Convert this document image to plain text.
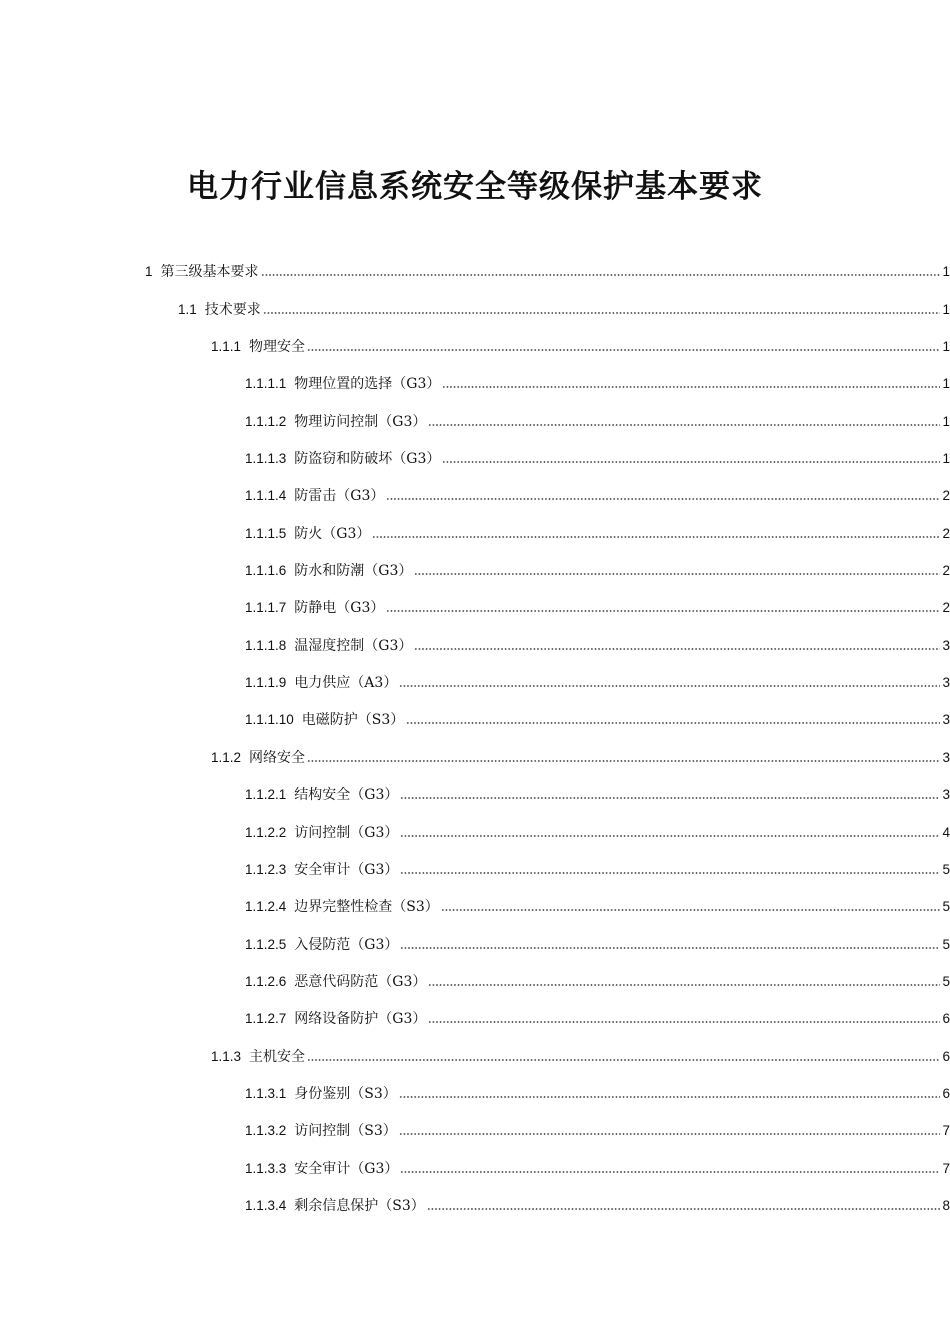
电力行业信息系统安全等级保护基本要求
1 第三级基本要求	1
1.1 技术要求	1
1.1.1 物理安全	1
1.1.1.1 物理位置的选择（G3）	1
1.1.1.2 物理访问控制（G3）	1
1.1.1.3 防盗窃和防破坏（G3）	1
1.1.1.4 防雷击（G3）	2
1.1.1.5 防火（G3）	2
1.1.1.6 防水和防潮（G3）	2
1.1.1.7 防静电（G3）	2
1.1.1.8 温湿度控制（G3）	3
1.1.1.9 电力供应（A3）	3
1.1.1.10 电磁防护（S3）	3
1.1.2 网络安全	3
1.1.2.1 结构安全（G3）	3
1.1.2.2 访问控制（G3）	4
1.1.2.3 安全审计（G3）	5
1.1.2.4 边界完整性检查（S3）	5
1.1.2.5 入侵防范（G3）	5
1.1.2.6 恶意代码防范（G3）	5
1.1.2.7 网络设备防护（G3）	6
1.1.3 主机安全	6
1.1.3.1 身份鉴别（S3）	6
1.1.3.2 访问控制（S3）	7
1.1.3.3 安全审计（G3）	7
1.1.3.4 剩余信息保护（S3）	8
